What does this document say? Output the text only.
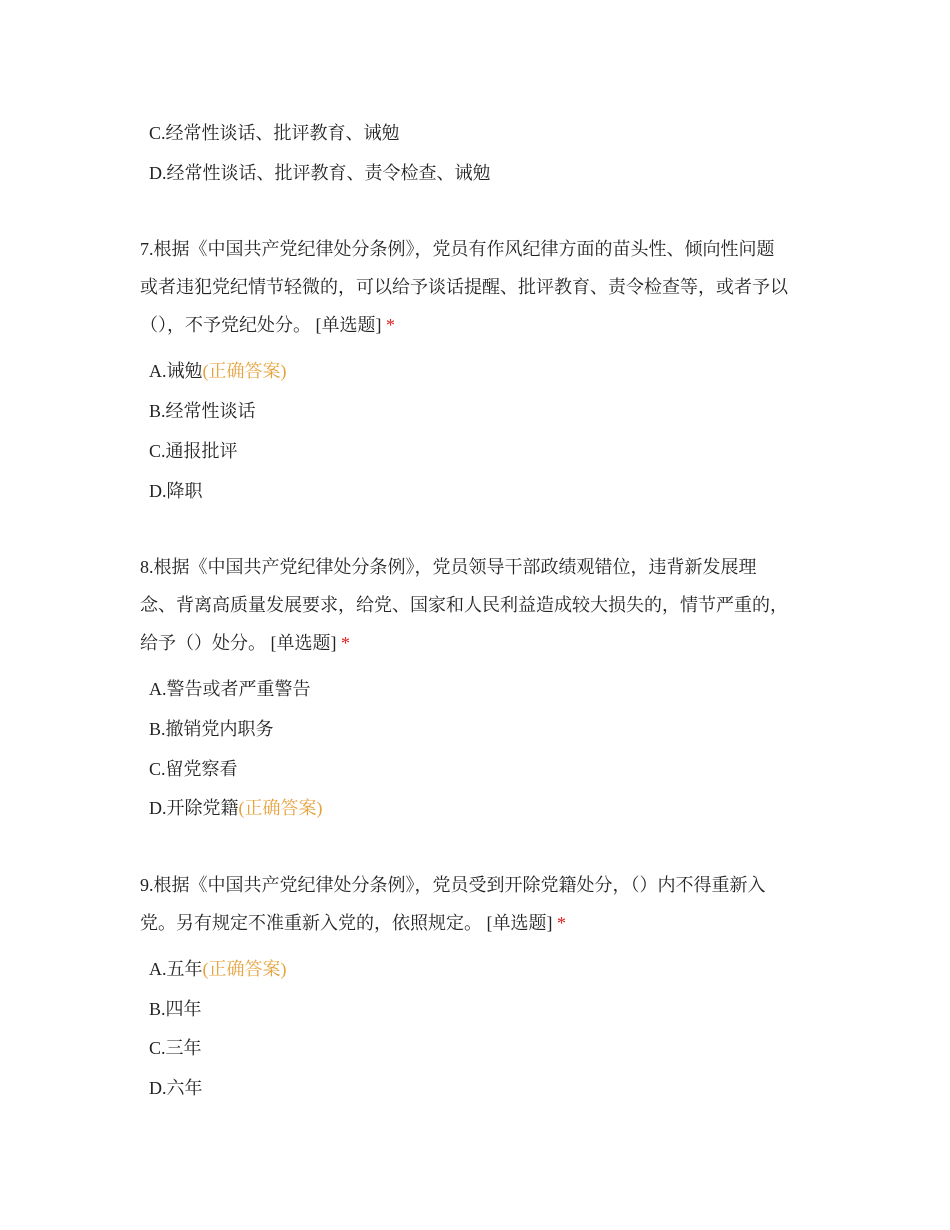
C.经常性谈话、批评教育、诫勉
D.经常性谈话、批评教育、责令检查、诫勉
7.根据《中国共产党纪律处分条例》，党员有作风纪律方面的苗头性、倾向性问题
或者违犯党纪情节轻微的，可以给予谈话提醒、批评教育、责令检查等，或者予以
（），不予党纪处分。 [单选题] *
A.诫勉(正确答案)
B.经常性谈话
C.通报批评
D.降职
8.根据《中国共产党纪律处分条例》，党员领导干部政绩观错位，违背新发展理
念、背离高质量发展要求，给党、国家和人民利益造成较大损失的，情节严重的，
给予（）处分。 [单选题] *
A.警告或者严重警告
B.撤销党内职务
C.留党察看
D.开除党籍(正确答案)
9.根据《中国共产党纪律处分条例》，党员受到开除党籍处分，（）内不得重新入
党。另有规定不准重新入党的，依照规定。 [单选题] *
A.五年(正确答案)
B.四年
C.三年
D.六年
